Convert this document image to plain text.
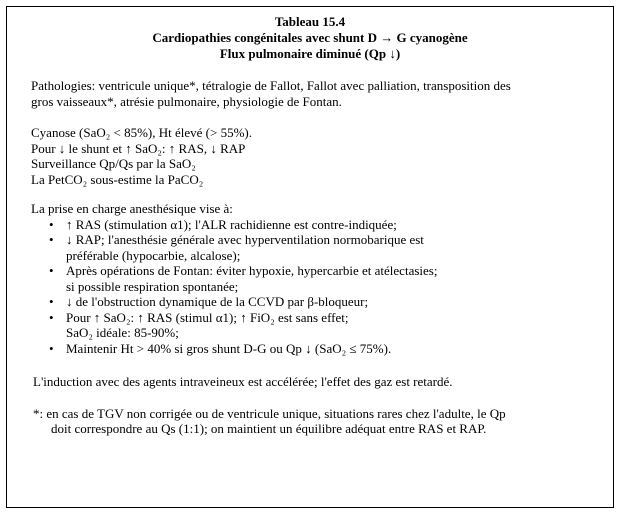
Tableau 15.4
Cardiopathies congénitales avec shunt D → G cyanogène
Flux pulmonaire diminué (Qp ↓)
Pathologies: ventricule unique*, tétralogie de Fallot, Fallot avec palliation, transposition des
gros vaisseaux*, atrésie pulmonaire, physiologie de Fontan.
Cyanose (SaO₂ < 85%), Ht élevé (> 55%).
Pour ↓ le shunt et ↑ SaO₂: ↑ RAS, ↓ RAP
Surveillance Qp/Qs par la SaO₂
La PetCO₂ sous-estime la PaCO₂
La prise en charge anesthésique vise à:
• ↑ RAS (stimulation α1); l'ALR rachidienne est contre-indiquée;
• ↓ RAP; l'anesthésie générale avec hyperventilation normobarique est
préférable (hypocarbie, alcalose);
• Après opérations de Fontan: éviter hypoxie, hypercarbie et atélectasies;
si possible respiration spontanée;
• ↓ de l'obstruction dynamique de la CCVD par β-bloqueur;
• Pour ↑ SaO₂: ↑ RAS (stimul α1); ↑ FiO₂ est sans effet;
SaO₂ idéale: 85-90%;
• Maintenir Ht > 40% si gros shunt D-G ou Qp ↓ (SaO₂ ≤ 75%).
L'induction avec des agents intraveineux est accélérée; l'effet des gaz est retardé.
*: en cas de TGV non corrigée ou de ventricule unique, situations rares chez l'adulte, le Qp
doit correspondre au Qs (1:1); on maintient un équilibre adéquat entre RAS et RAP.
